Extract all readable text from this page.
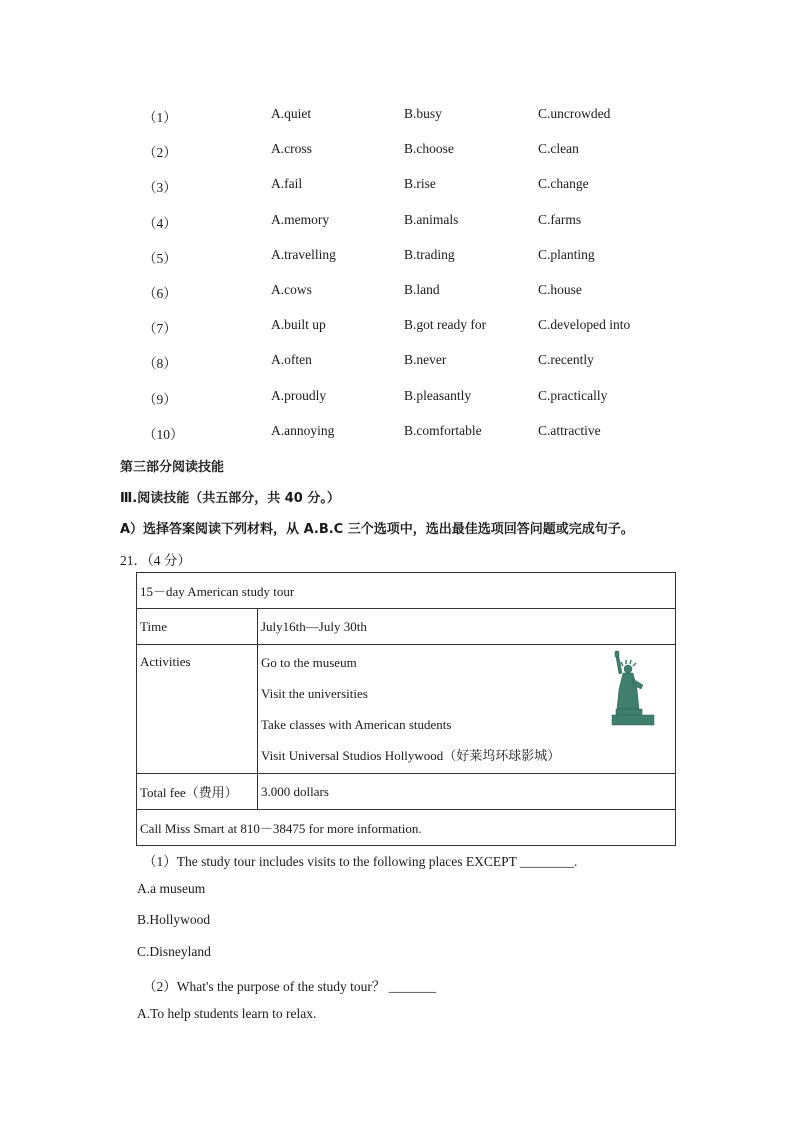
（1）	A.quiet	B.busy	C.uncrowded
（2）	A.cross	B.choose	C.clean
（3）	A.fail	B.rise	C.change
（4）	A.memory	B.animals	C.farms
（5）	A.travelling	B.trading	C.planting
（6）	A.cows	B.land	C.house
（7）	A.built up	B.got ready for	C.developed into
（8）	A.often	B.never	C.recently
（9）	A.proudly	B.pleasantly	C.practically
（10）	A.annoying	B.comfortable	C.attractive
第三部分阅读技能
Ⅲ.阅读技能（共五部分，共 40 分。）
A）选择答案阅读下列材料，从 A.B.C 三个选项中，选出最佳选项回答问题或完成句子。
21．（4 分）
15－day American study tour	
Time	July16th—July 30th
Activities	Go to the museum
Visit the universities
Take classes with American students
Visit Universal Studios Hollywood（好莱坞环球影城）

Total fee（费用）	3.000 dollars
Call Miss Smart at 810－38475 for more information.	
（1）The study tour includes visits to the following places EXCEPT ________.
A.a museum
B.Hollywood
C.Disneyland
（2）What's the purpose of the study tour？ _______
A.To help students learn to relax.
